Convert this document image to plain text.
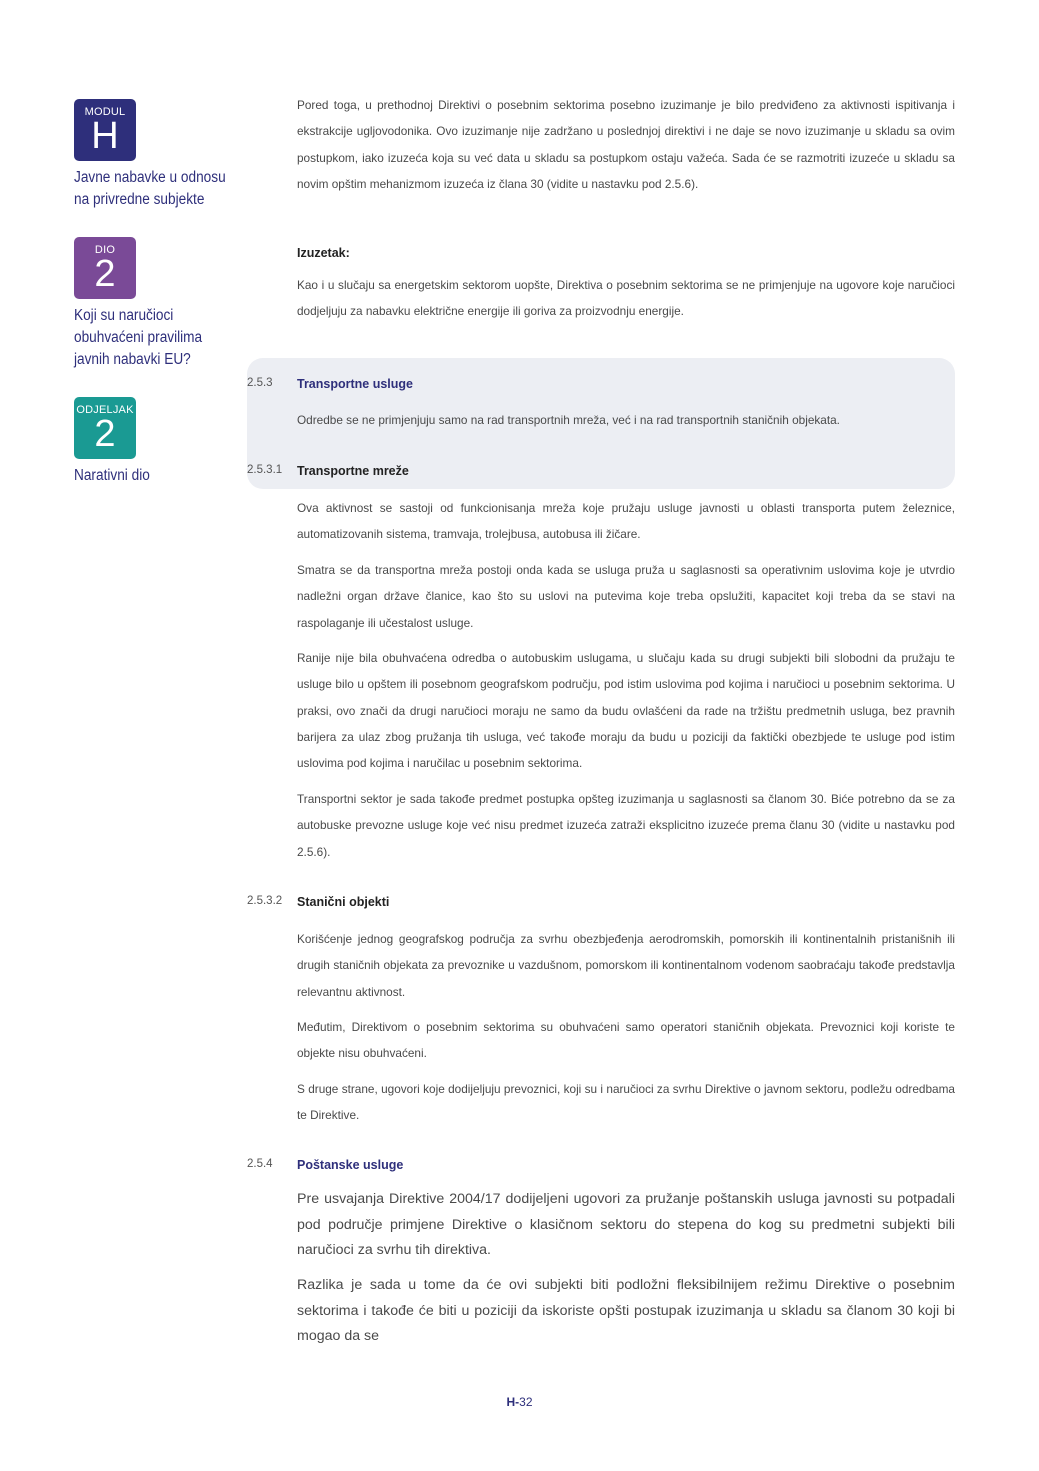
MODUL
H
Javne nabavke u odnosu
na privredne subjekte
DIO
2
Koji su naručioci
obuhvaćeni pravilima
javnih nabavki EU?
ODJELJAK
2
Narativni dio
Pored toga, u prethodnoj Direktivi o posebnim sektorima posebno izuzimanje je bilo predviđeno za aktivnosti ispitivanja i ekstrakcije ugljovodonika. Ovo izuzimanje nije zadržano u poslednjoj direktivi i ne daje se novo izuzimanje u skladu sa ovim postupkom, iako izuzeća koja su već data u skladu sa postupkom ostaju važeća. Sada će se razmotriti izuzeće u skladu sa novim opštim mehanizmom izuzeća iz člana 30 (vidite u nastavku pod 2.5.6).
Izuzetak:
Kao i u slučaju sa energetskim sektorom uopšte, Direktiva o posebnim sektorima se ne primjenjuje na ugovore koje naručioci dodjeljuju za nabavku električne energije ili goriva za proizvodnju energije.
2.5.3 Transportne usluge
Odredbe se ne primjenjuju samo na rad transportnih mreža, već i na rad transportnih staničnih objekata.
2.5.3.1 Transportne mreže
Ova aktivnost se sastoji od funkcionisanja mreža koje pružaju usluge javnosti u oblasti transporta putem železnice, automatizovanih sistema, tramvaja, trolejbusa, autobusa ili žičare.
Smatra se da transportna mreža postoji onda kada se usluga pruža u saglasnosti sa operativnim uslovima koje je utvrdio nadležni organ države članice, kao što su uslovi na putevima koje treba opslužiti, kapacitet koji treba da se stavi na raspolaganje ili učestalost usluge.
Ranije nije bila obuhvaćena odredba o autobuskim uslugama, u slučaju kada su drugi subjekti bili slobodni da pružaju te usluge bilo u opštem ili posebnom geografskom području, pod istim uslovima pod kojima i naručioci u posebnim sektorima. U praksi, ovo znači da drugi naručioci moraju ne samo da budu ovlašćeni da rade na tržištu predmetnih usluga, bez pravnih barijera za ulaz zbog pružanja tih usluga, već takođe moraju da budu u poziciji da faktički obezbjede te usluge pod istim uslovima pod kojima i naručilac u posebnim sektorima.
Transportni sektor je sada takođe predmet postupka opšteg izuzimanja u saglasnosti sa članom 30. Biće potrebno da se za autobuske prevozne usluge koje već nisu predmet izuzeća zatraži eksplicitno izuzeće prema članu 30 (vidite u nastavku pod 2.5.6).
2.5.3.2 Stanični objekti
Korišćenje jednog geografskog područja za svrhu obezbjeđenja aerodromskih, pomorskih ili kontinentalnih pristanišnih ili drugih staničnih objekata za prevoznike u vazdušnom, pomorskom ili kontinentalnom vodenom saobraćaju takođe predstavlja relevantnu aktivnost.
Međutim, Direktivom o posebnim sektorima su obuhvaćeni samo operatori staničnih objekata. Prevoznici koji koriste te objekte nisu obuhvaćeni.
S druge strane, ugovori koje dodijeljuju prevoznici, koji su i naručioci za svrhu Direktive o javnom sektoru, podležu odredbama te Direktive.
2.5.4 Poštanske usluge
Pre usvajanja Direktive 2004/17 dodijeljeni ugovori za pružanje poštanskih usluga javnosti su potpadali pod područje primjene Direktive o klasičnom sektoru do stepena do kog su predmetni subjekti bili naručioci za svrhu tih direktiva.
Razlika je sada u tome da će ovi subjekti biti podložni fleksibilnijem režimu Direktive o posebnim sektorima i takođe će biti u poziciji da iskoriste opšti postupak izuzimanja u skladu sa članom 30 koji bi mogao da se
H-32
